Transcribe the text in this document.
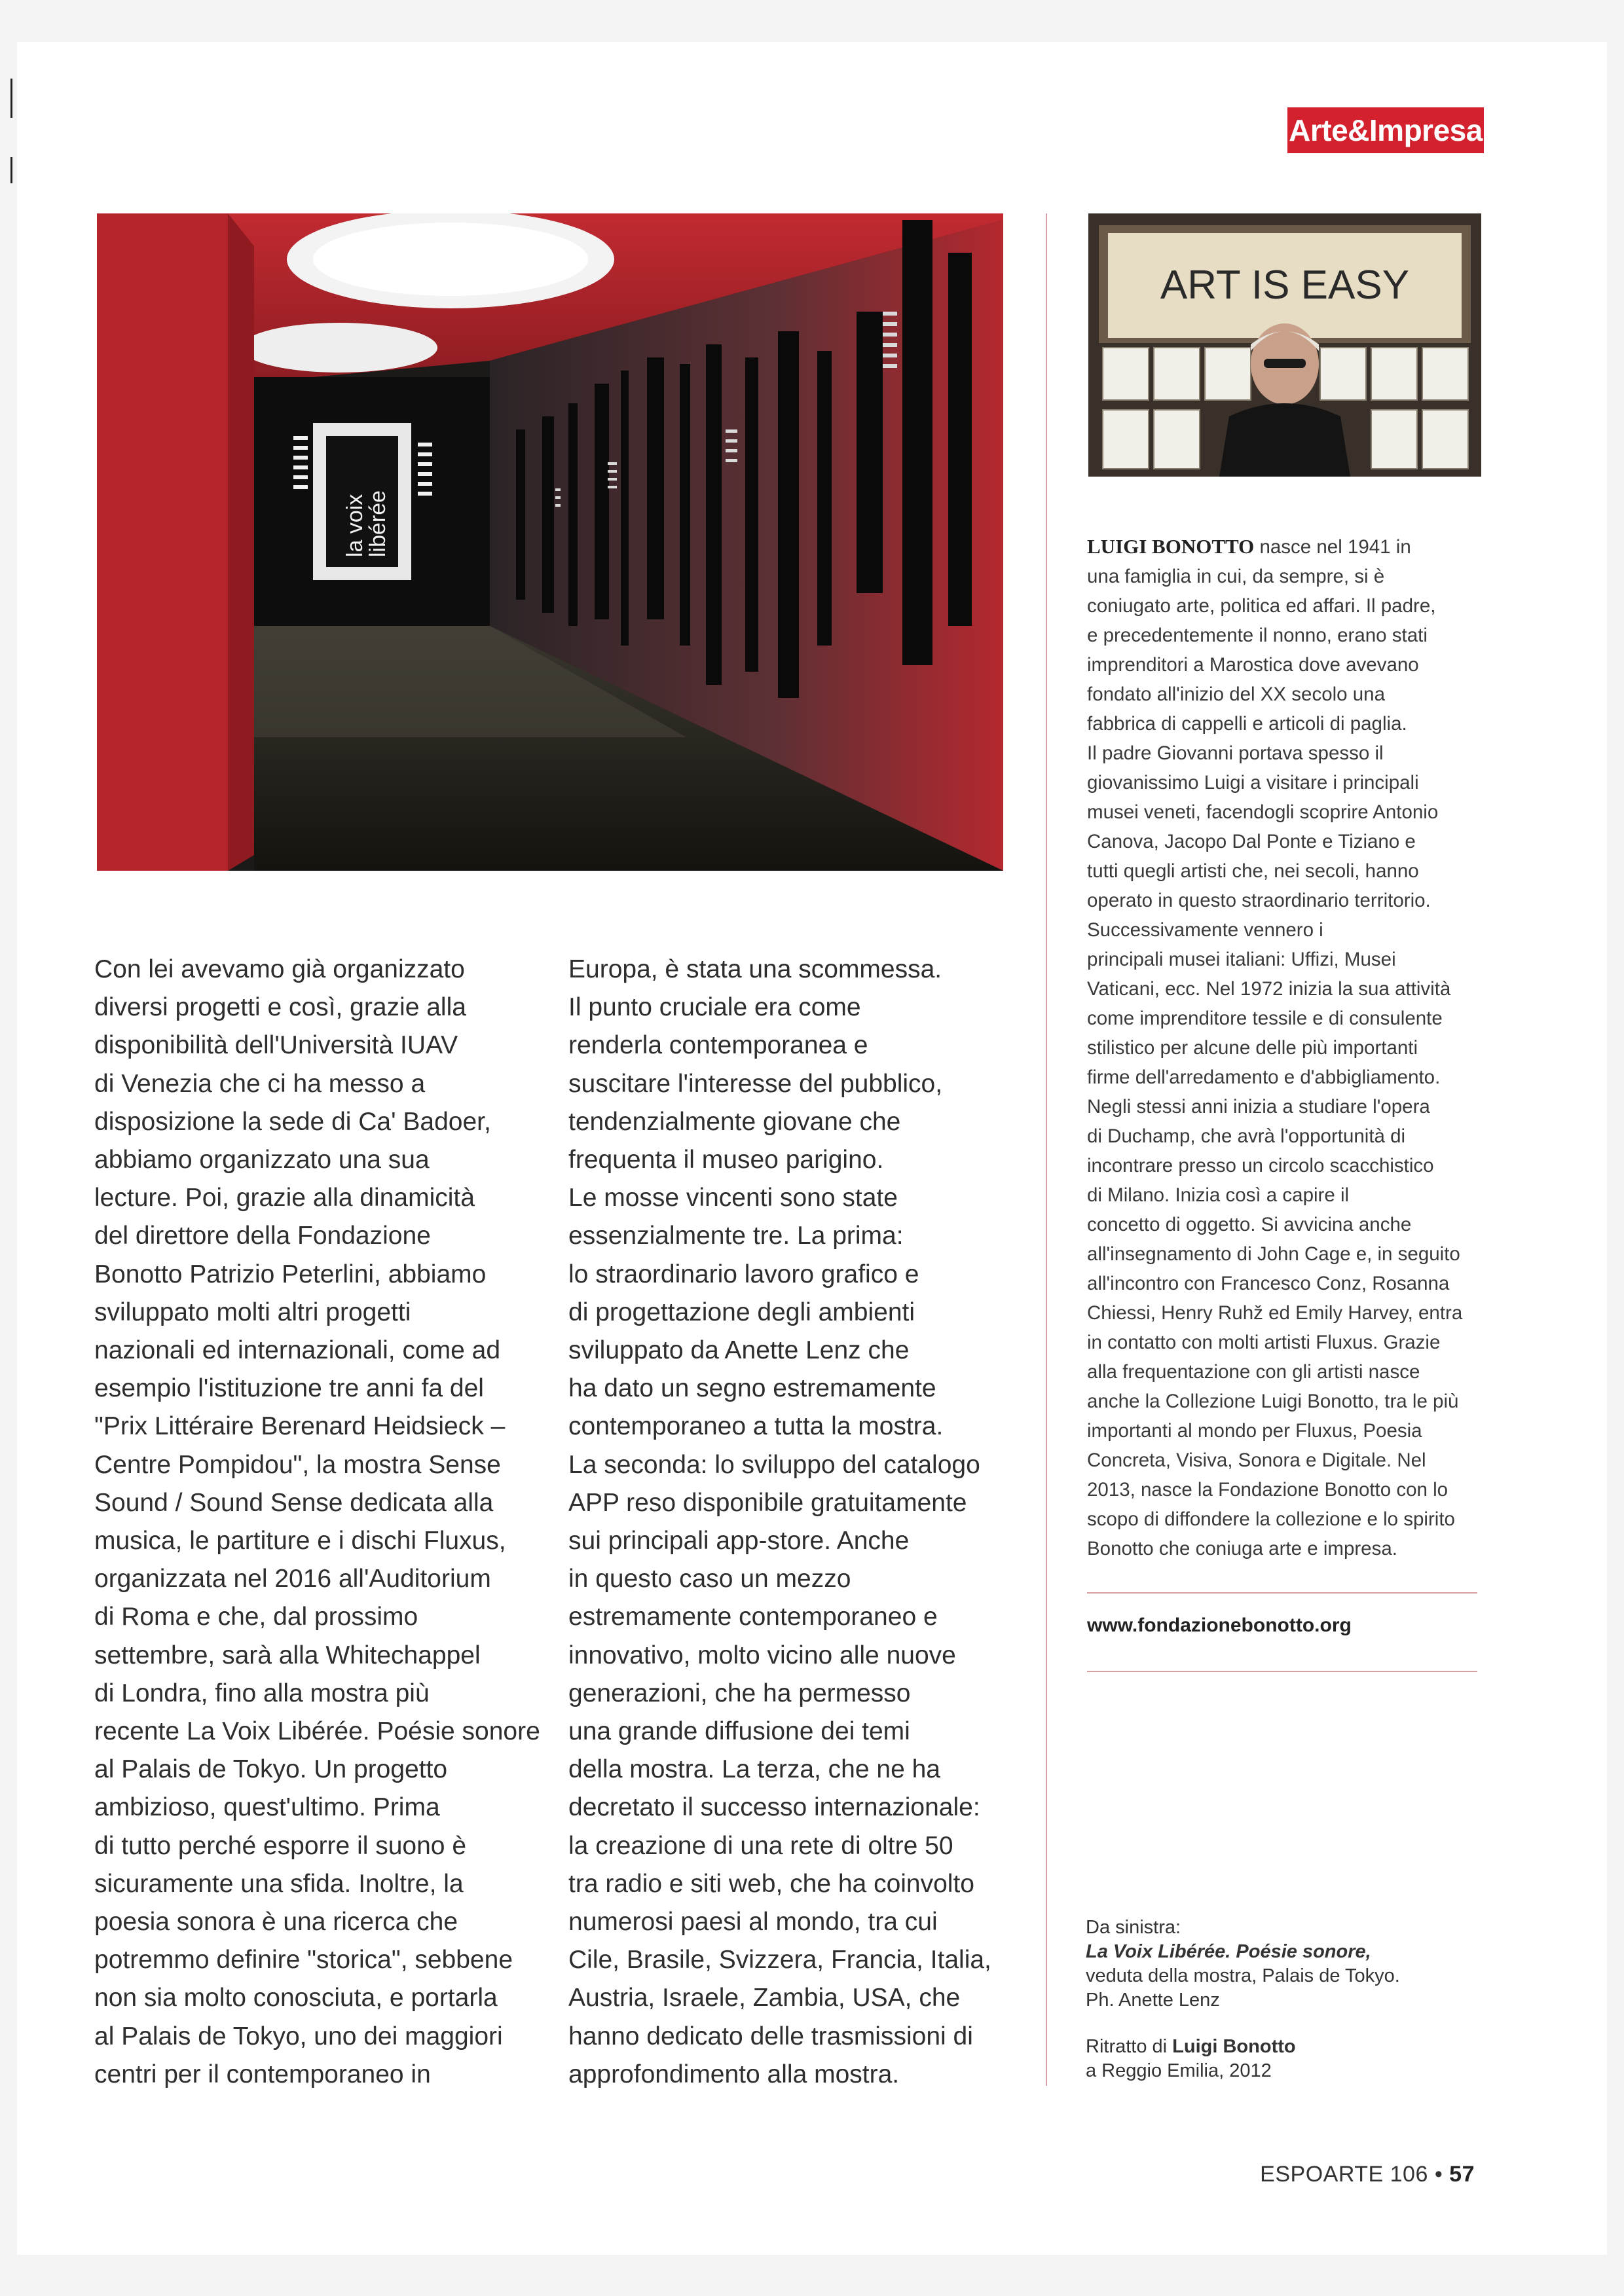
Arte&Impresa
la voix
libérée
ART IS EASY

Con lei avevamo già organizzato
diversi progetti e così, grazie alla
disponibilità dell'Università IUAV
di Venezia che ci ha messo a
disposizione la sede di Ca' Badoer,
abbiamo organizzato una sua
lecture. Poi, grazie alla dinamicità
del direttore della Fondazione
Bonotto Patrizio Peterlini, abbiamo
sviluppato molti altri progetti
nazionali ed internazionali, come ad
esempio l'istituzione tre anni fa del
"Prix Littéraire Berenard Heidsieck –
Centre Pompidou", la mostra Sense
Sound / Sound Sense dedicata alla
musica, le partiture e i dischi Fluxus,
organizzata nel 2016 all'Auditorium
di Roma e che, dal prossimo
settembre, sarà alla Whitechappel
di Londra, fino alla mostra più
recente La Voix Libérée. Poésie sonore
al Palais de Tokyo. Un progetto
ambizioso, quest'ultimo. Prima
di tutto perché esporre il suono è
sicuramente una sfida. Inoltre, la
poesia sonora è una ricerca che
potremmo definire "storica", sebbene
non sia molto conosciuta, e portarla
al Palais de Tokyo, uno dei maggiori
centri per il contemporaneo in

Europa, è stata una scommessa.
Il punto cruciale era come
renderla contemporanea e
suscitare l'interesse del pubblico,
tendenzialmente giovane che
frequenta il museo parigino.
Le mosse vincenti sono state
essenzialmente tre. La prima:
lo straordinario lavoro grafico e
di progettazione degli ambienti
sviluppato da Anette Lenz che
ha dato un segno estremamente
contemporaneo a tutta la mostra.
La seconda: lo sviluppo del catalogo
APP reso disponibile gratuitamente
sui principali app-store. Anche
in questo caso un mezzo
estremamente contemporaneo e
innovativo, molto vicino alle nuove
generazioni, che ha permesso
una grande diffusione dei temi
della mostra. La terza, che ne ha
decretato il successo internazionale:
la creazione di una rete di oltre 50
tra radio e siti web, che ha coinvolto
numerosi paesi al mondo, tra cui
Cile, Brasile, Svizzera, Francia, Italia,
Austria, Israele, Zambia, USA, che
hanno dedicato delle trasmissioni di
approfondimento alla mostra.

LUIGI BONOTTO nasce nel 1941 in
una famiglia in cui, da sempre, si è
coniugato arte, politica ed affari. Il padre,
e precedentemente il nonno, erano stati
imprenditori a Marostica dove avevano
fondato all'inizio del XX secolo una
fabbrica di cappelli e articoli di paglia.
Il padre Giovanni portava spesso il
giovanissimo Luigi a visitare i principali
musei veneti, facendogli scoprire Antonio
Canova, Jacopo Dal Ponte e Tiziano e
tutti quegli artisti che, nei secoli, hanno
operato in questo straordinario territorio.
Successivamente vennero i
principali musei italiani: Uffizi, Musei
Vaticani, ecc. Nel 1972 inizia la sua attività
come imprenditore tessile e di consulente
stilistico per alcune delle più importanti
firme dell'arredamento e d'abbigliamento.
Negli stessi anni inizia a studiare l'opera
di Duchamp, che avrà l'opportunità di
incontrare presso un circolo scacchistico
di Milano. Inizia così a capire il
concetto di oggetto. Si avvicina anche
all'insegnamento di John Cage e, in seguito
all'incontro con Francesco Conz, Rosanna
Chiessi, Henry Ruhž ed Emily Harvey, entra
in contatto con molti artisti Fluxus. Grazie
alla frequentazione con gli artisti nasce
anche la Collezione Luigi Bonotto, tra le più
importanti al mondo per Fluxus, Poesia
Concreta, Visiva, Sonora e Digitale. Nel
2013, nasce la Fondazione Bonotto con lo
scopo di diffondere la collezione e lo spirito
Bonotto che coniuga arte e impresa.
www.fondazionebonotto.org
Da sinistra:
La Voix Libérée. Poésie sonore,
veduta della mostra, Palais de Tokyo.
Ph. Anette Lenz
Ritratto di Luigi Bonotto
a Reggio Emilia, 2012
ESPOARTE 106 • 57
